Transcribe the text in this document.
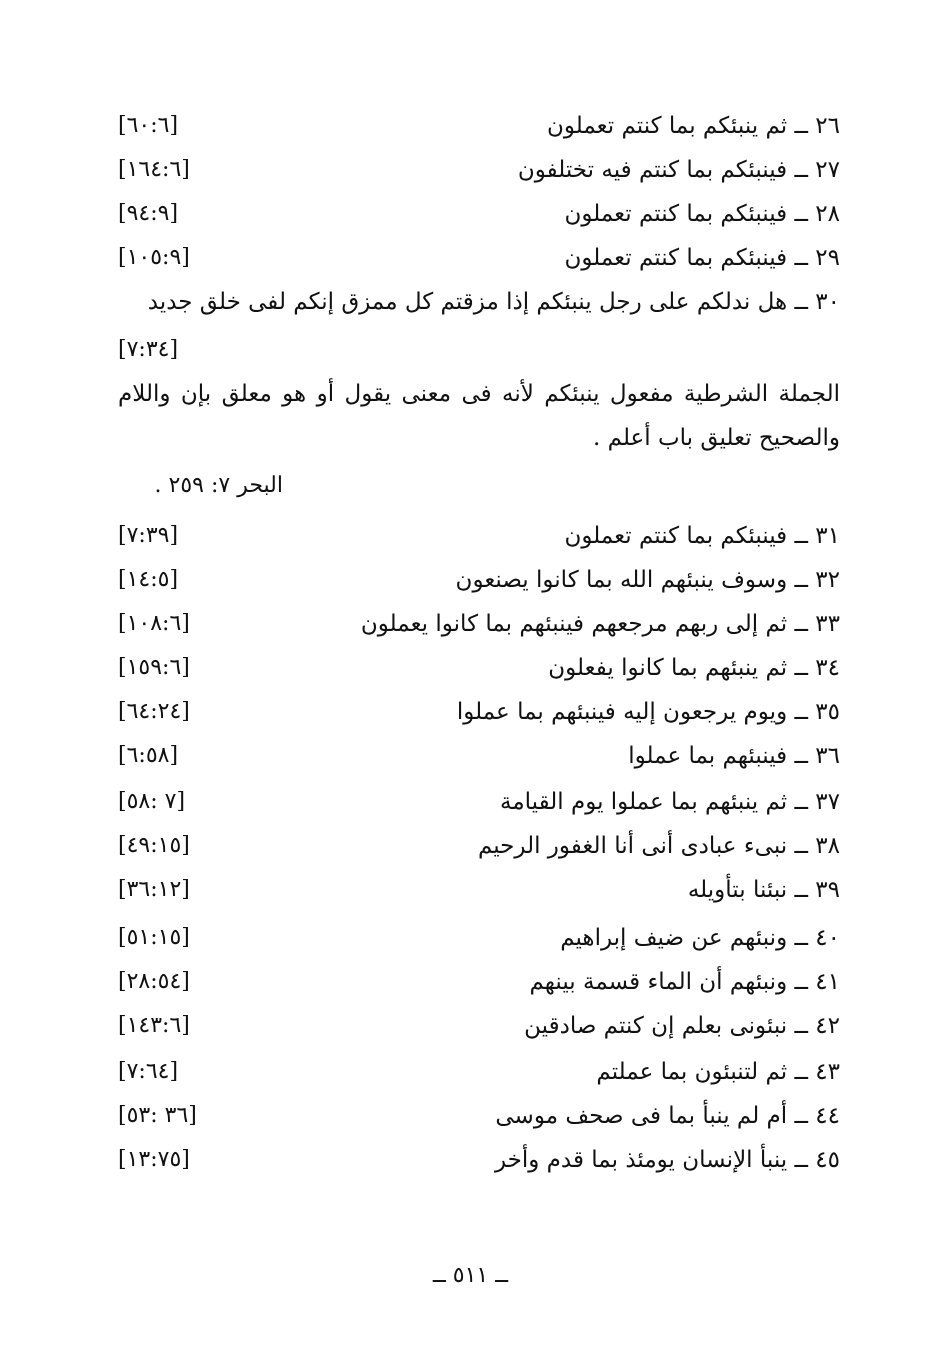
٢٦ ــ ثم ينبئكم بما كنتم تعملون
[٦٠:٦]
٢٧ ــ فينبئكم بما كنتم فيه تختلفون
[١٦٤:٦]
٢٨ ــ فينبئكم بما كنتم تعملون
[٩٤:٩]
٢٩ ــ فينبئكم بما كنتم تعملون
[١٠٥:٩]
٣٠ ــ هل ندلكم على رجل ينبئكم إذا مزقتم كل ممزق إنكم لفى خلق جديد
[٧:٣٤]
الجملة الشرطية مفعول ينبئكم لأنه فى معنى يقول أو هو معلق بإن واللام والصحيح تعليق باب أعلم .
البحر ٧: ٢٥٩ .
٣١ ــ فينبئكم بما كنتم تعملون
[٧:٣٩]
٣٢ ــ وسوف ينبئهم الله بما كانوا يصنعون
[١٤:٥]
٣٣ ــ ثم إلى ربهم مرجعهم فينبئهم بما كانوا يعملون
[١٠٨:٦]
٣٤ ــ ثم ينبئهم بما كانوا يفعلون
[١٥٩:٦]
٣٥ ــ ويوم يرجعون إليه فينبئهم بما عملوا
[٦٤:٢٤]
٣٦ ــ فينبئهم بما عملوا
[٦:٥٨]
٣٧ ــ ثم ينبئهم بما عملوا يوم القيامة
[٧ :٥٨]
٣٨ ــ نبىء عبادى أنى أنا الغفور الرحيم
[٤٩:١٥]
٣٩ ــ نبئنا بتأويله
[٣٦:١٢]
٤٠ ــ ونبئهم عن ضيف إبراهيم
[٥١:١٥]
٤١ ــ ونبئهم أن الماء قسمة بينهم
[٢٨:٥٤]
٤٢ ــ نبئونى بعلم إن كنتم صادقين
[١٤٣:٦]
٤٣ ــ ثم لتنبئون بما عملتم
[٧:٦٤]
٤٤ ــ أم لم ينبأ بما فى صحف موسى
[٣٦ :٥٣]
٤٥ ــ ينبأ الإنسان يومئذ بما قدم وأخر
[١٣:٧٥]
ــ ٥١١ ــ
